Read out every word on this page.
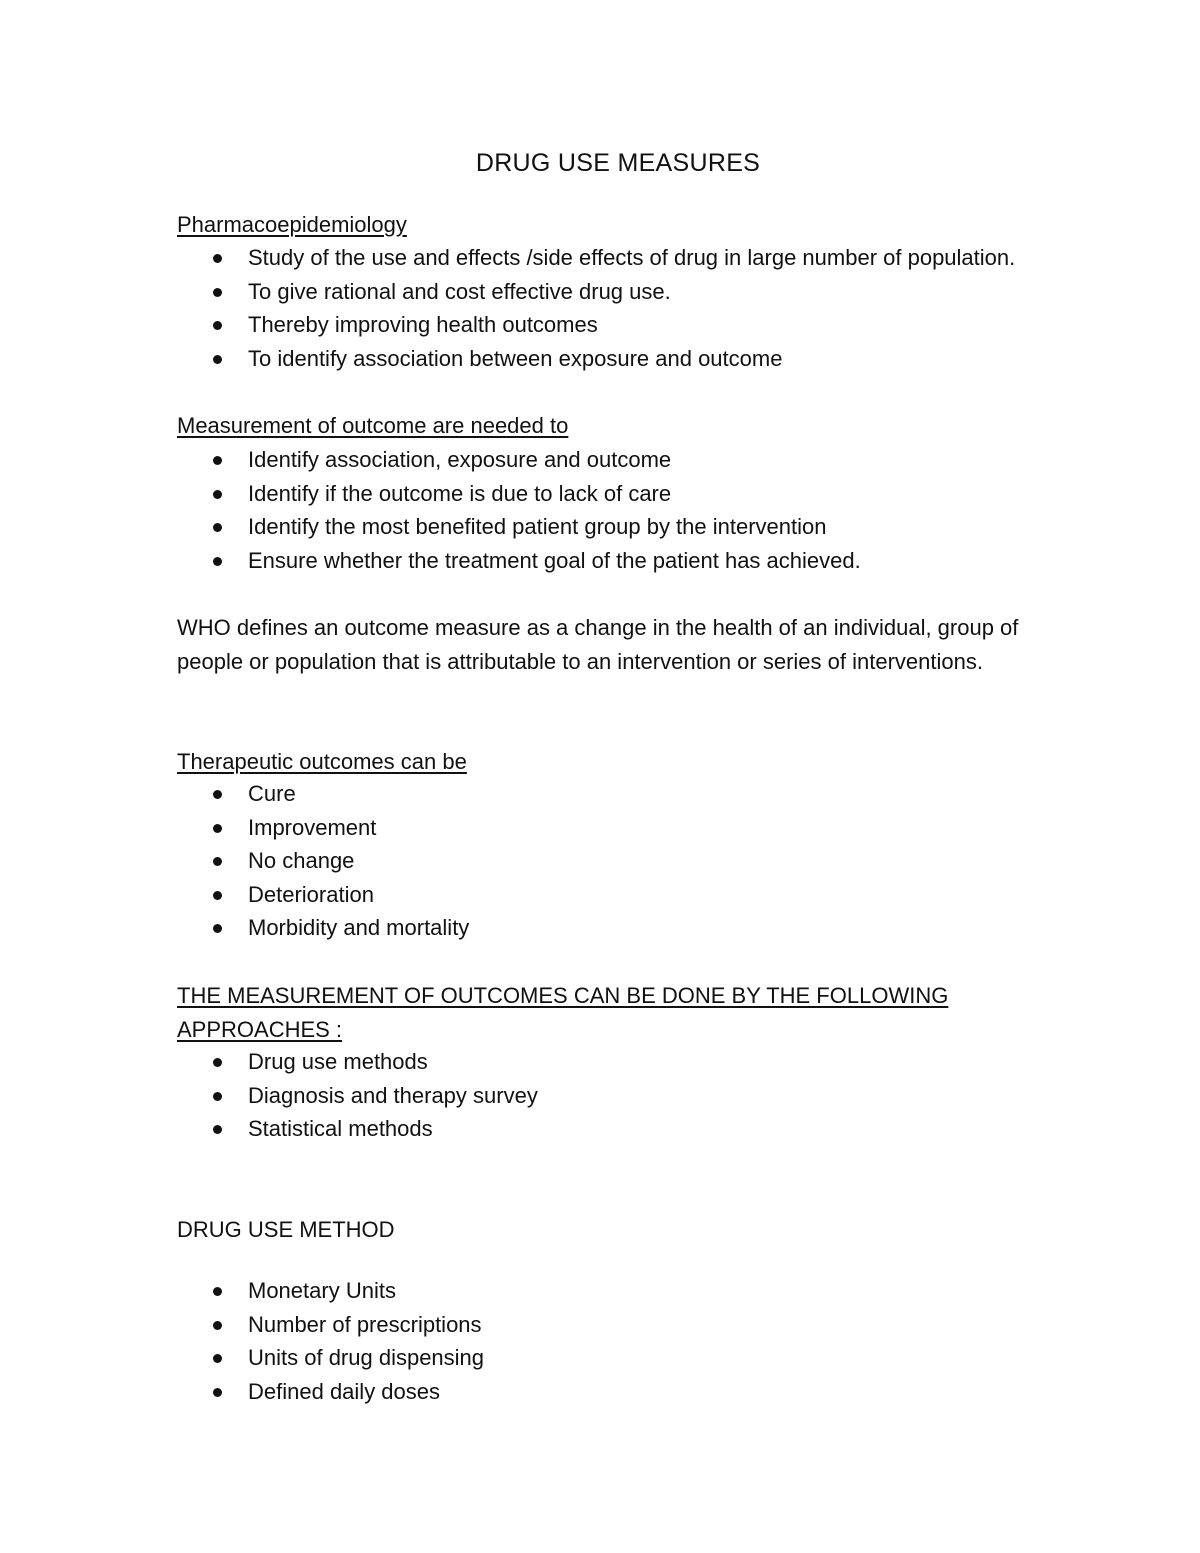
DRUG USE MEASURES
Pharmacoepidemiology
Study of the use and effects /side effects of drug in large number of population.
To give rational and cost effective drug use.
Thereby improving health outcomes
To identify association between exposure and outcome
Measurement of outcome are needed to
Identify association, exposure and outcome
Identify if the outcome is due to lack of care
Identify the most benefited patient group by the intervention
Ensure whether the treatment goal of the patient has achieved.
WHO defines an outcome measure as a change in the health of an individual, group of people or population that is attributable to an intervention or series of interventions.
Therapeutic outcomes can be
Cure
Improvement
No change
Deterioration
Morbidity and mortality
THE MEASUREMENT OF OUTCOMES CAN BE DONE BY THE FOLLOWING APPROACHES :
Drug use methods
Diagnosis and therapy survey
Statistical methods
DRUG USE METHOD
Monetary Units
Number of prescriptions
Units of drug dispensing
Defined daily doses
